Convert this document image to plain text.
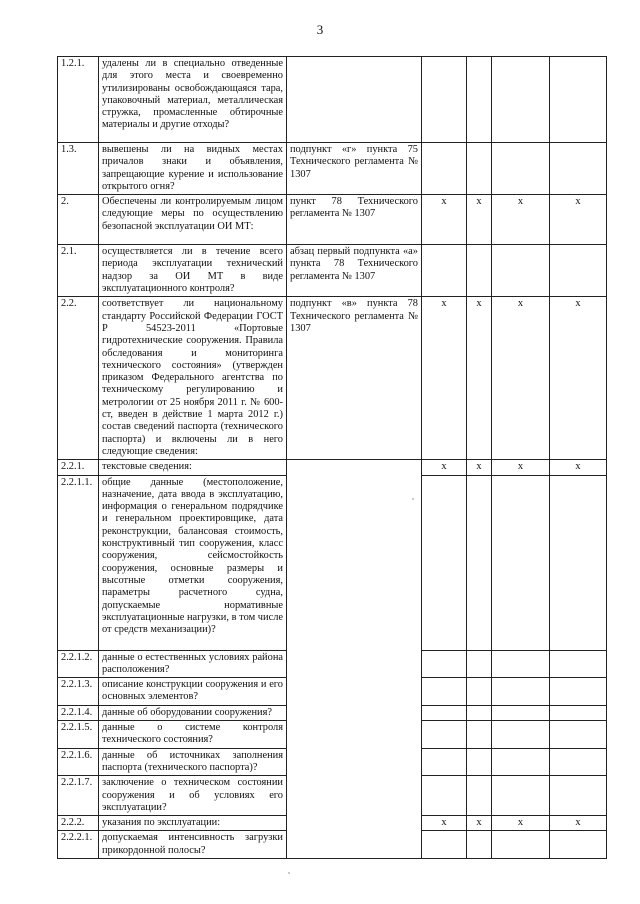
3
1.2.1.	удалены ли в специально отведенные для этого места и своевременно утилизированы освобождающаяся тара, упаковочный материал, металлическая стружка, промасленные обтирочные материалы и другие отходы?					
1.3.	вывешены ли на видных местах причалов знаки и объявления, запрещающие курение и использование открытого огня?	подпункт «г» пункта 75 Технического регламента № 1307				
2.	Обеспечены ли контролируемым лицом следующие меры по осуществлению безопасной эксплуатации ОИ МТ:	пункт 78 Технического регламента № 1307	x	x	x	x
2.1.	осуществляется ли в течение всего периода эксплуатации технический надзор за ОИ МТ в виде эксплуатационного контроля?	абзац первый подпункта «а» пункта 78 Технического регламента № 1307				
2.2.	соответствует ли национальному стандарту Российской Федерации ГОСТ Р 54523-2011 «Портовые гидротехнические сооружения. Правила обследования и мониторинга технического состояния» (утвержден приказом Федерального агентства по техническому регулированию и метрологии от 25 ноября 2011 г. № 600-ст, введен в действие 1 марта 2012 г.) состав сведений паспорта (технического паспорта) и включены ли в него следующие сведения:	подпункт «в» пункта 78 Технического регламента № 1307	x	x	x	x
2.2.1.	текстовые сведения:		x	x	x	x
2.2.1.1.	общие данные (местоположение, назначение, дата ввода в эксплуатацию, информация о генеральном подрядчике и генеральном проектировщике, дата реконструкции, балансовая стоимость, конструктивный тип сооружения, класс сооружения, сейсмостойкость сооружения, основные размеры и высотные отметки сооружения, параметры расчетного судна, допускаемые нормативные эксплуатационные нагрузки, в том числе от средств механизации)?					
2.2.1.2.	данные о естественных условиях района расположения?					
2.2.1.3.	описание конструкции сооружения и его основных элементов?					
2.2.1.4.	данные об оборудовании сооружения?					
2.2.1.5.	данные о системе контроля технического состояния?					
2.2.1.6.	данные об источниках заполнения паспорта (технического паспорта)?					
2.2.1.7.	заключение о техническом состоянии сооружения и об условиях его эксплуатации?					
2.2.2.	указания по эксплуатации:		x	x	x	x
2.2.2.1.	допускаемая интенсивность загрузки прикордонной полосы?					
